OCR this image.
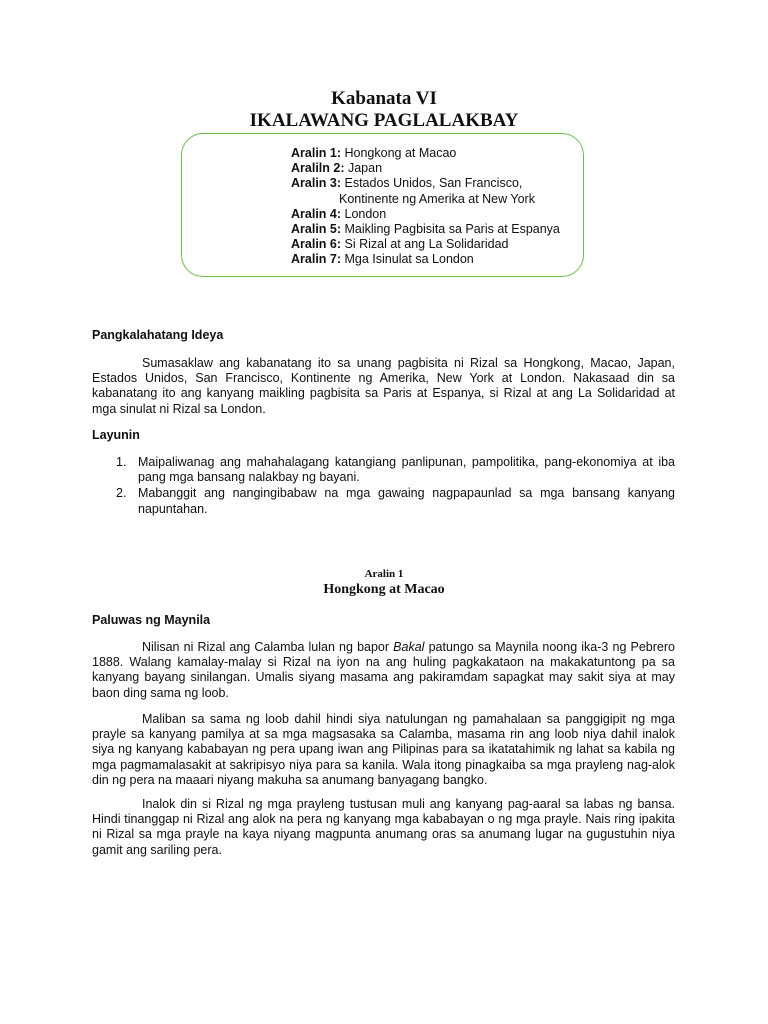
Kabanata VI
IKALAWANG PAGLALAKBAY
Aralin 1: Hongkong at Macao
Araliln 2: Japan
Aralin 3: Estados Unidos, San Francisco,
Kontinente ng Amerika at New York
Aralin 4: London
Aralin 5: Maikling Pagbisita sa Paris at Espanya
Aralin 6: Si Rizal at ang La Solidaridad
Aralin 7: Mga Isinulat sa London
Pangkalahatang Ideya

Sumasaklaw ang kabanatang ito sa unang pagbisita ni Rizal sa Hongkong, Macao, Japan, Estados Unidos, San Francisco, Kontinente ng Amerika, New York at London. Nakasaad din sa kabanatang ito ang kanyang maikling pagbisita sa Paris at Espanya, si Rizal at ang La Solidaridad at mga sinulat ni Rizal sa London.

Layunin
1. Maipaliwanag ang mahahalagang katangiang panlipunan, pampolitika, pang-ekonomiya at iba pang mga bansang nalakbay ng bayani.
2. Mabanggit ang nangingibabaw na mga gawaing nagpapaunlad sa mga bansang kanyang napuntahan.
Aralin 1
Hongkong at Macao
Paluwas ng Maynila

Nilisan ni Rizal ang Calamba lulan ng bapor Bakal patungo sa Maynila noong ika-3 ng Pebrero 1888. Walang kamalay-malay si Rizal na iyon na ang huling pagkakataon na makakatuntong pa sa kanyang bayang sinilangan. Umalis siyang masama ang pakiramdam sapagkat may sakit siya at may baon ding sama ng loob.

Maliban sa sama ng loob dahil hindi siya natulungan ng pamahalaan sa panggigipit ng mga prayle sa kanyang pamilya at sa mga magsasaka sa Calamba, masama rin ang loob niya dahil inalok siya ng kanyang kababayan ng pera upang iwan ang Pilipinas para sa ikatatahimik ng lahat sa kabila ng mga pagmamalasakit at sakripisyo niya para sa kanila. Wala itong pinagkaiba sa mga prayleng nag-alok din ng pera na maaari niyang makuha sa anumang banyagang bangko.

Inalok din si Rizal ng mga prayleng tustusan muli ang kanyang pag-aaral sa labas ng bansa. Hindi tinanggap ni Rizal ang alok na pera ng kanyang mga kababayan o ng mga prayle. Nais ring ipakita ni Rizal sa mga prayle na kaya niyang magpunta anumang oras sa anumang lugar na gugustuhin niya gamit ang sariling pera.
